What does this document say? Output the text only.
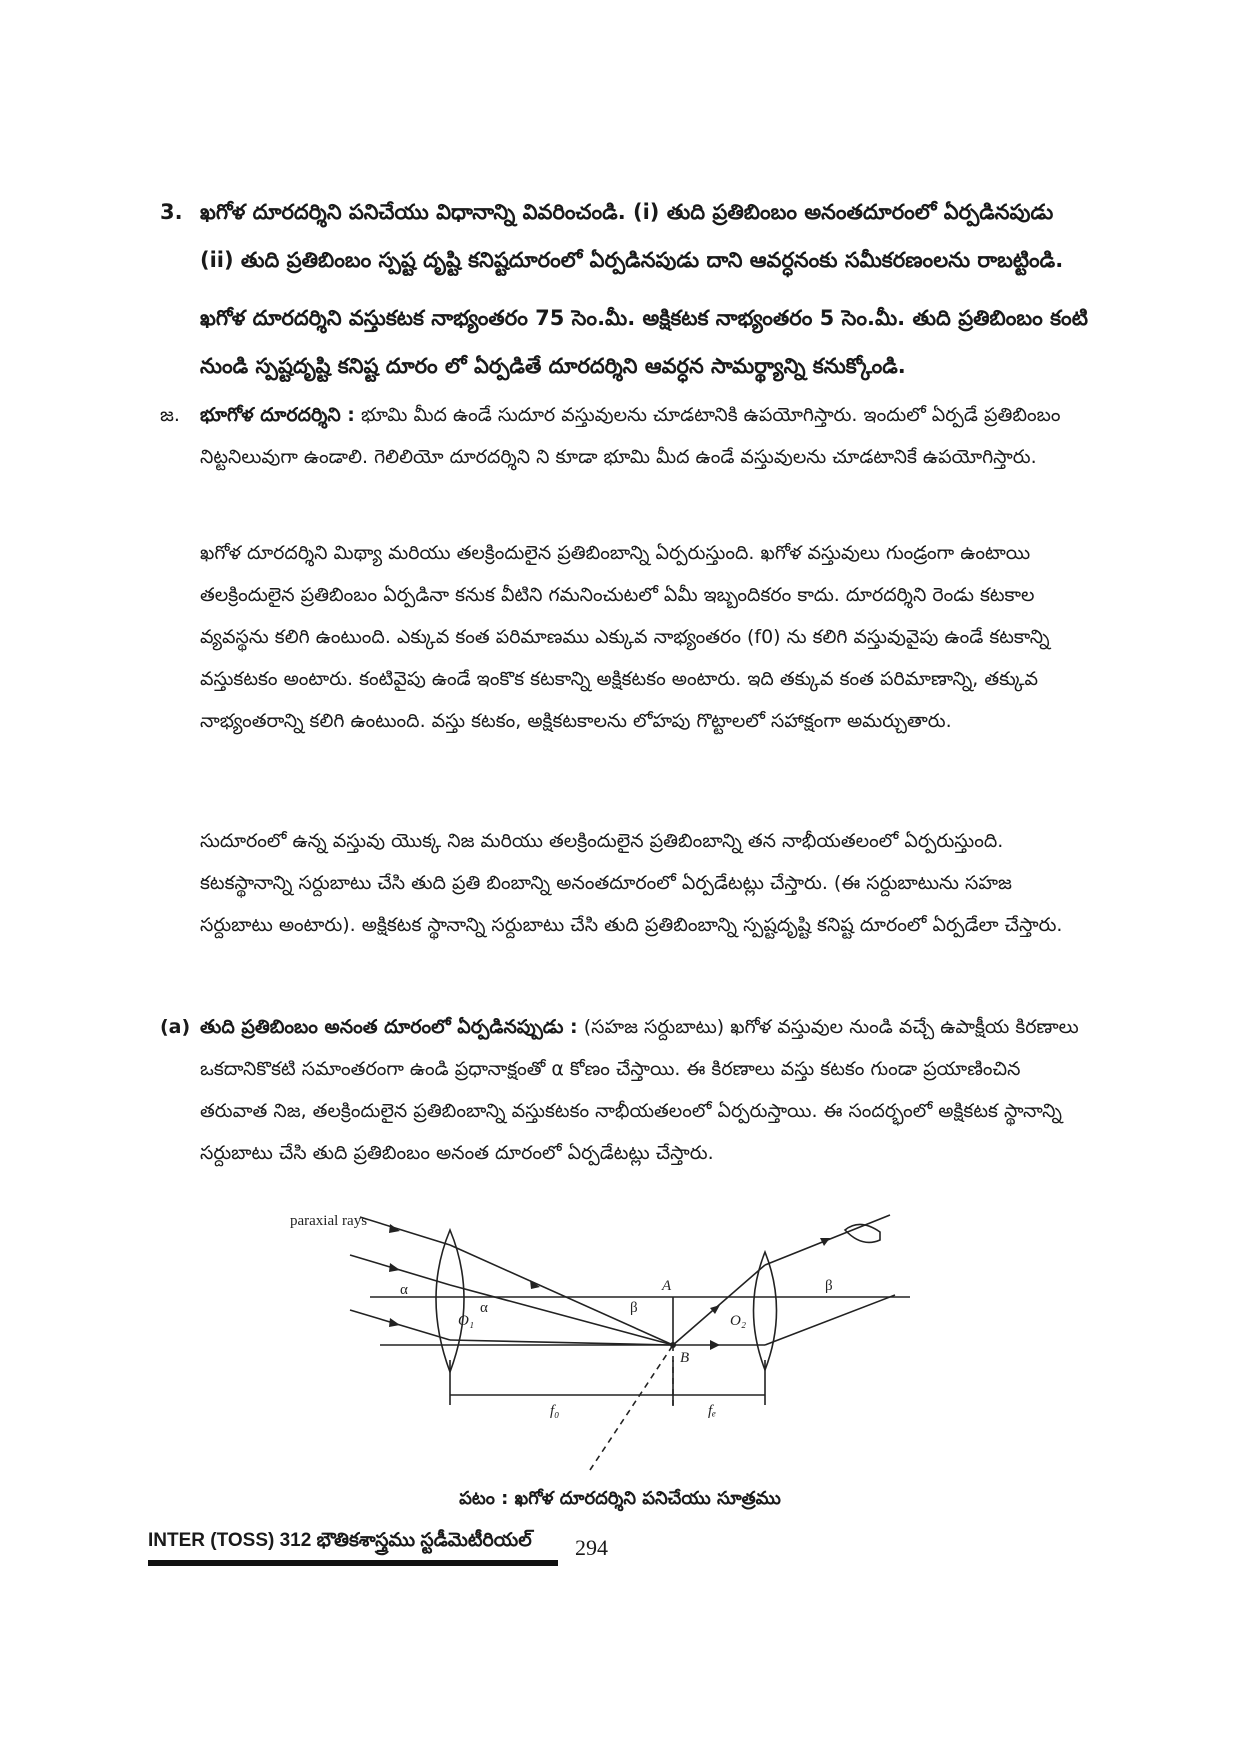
3. ఖగోళ దూరదర్శిని పనిచేయు విధానాన్ని వివరించండి. (i) తుది ప్రతిబింబం అనంతదూరంలో ఏర్పడినపుడు
(ii) తుది ప్రతిబింబం స్పష్ట దృష్టి కనిష్టదూరంలో ఏర్పడినపుడు దాని ఆవర్ధనంకు సమీకరణంలను రాబట్టిండి.
ఖగోళ దూరదర్శిని వస్తుకటక నాభ్యంతరం 75 సెం.మీ. అక్షికటక నాభ్యంతరం 5 సెం.మీ. తుది ప్రతిబింబం కంటి నుండి స్పష్టదృష్టి కనిష్ట దూరం లో ఏర్పడితే దూరదర్శిని ఆవర్ధన సామర్థ్యాన్ని కనుక్కోండి.
జ. భూగోళ దూరదర్శిని : భూమి మీద ఉండే సుదూర వస్తువులను చూడటానికి ఉపయోగిస్తారు. ఇందులో ఏర్పడే ప్రతిబింబం నిట్టనిలువుగా ఉండాలి. గెలిలియో దూరదర్శిని ని కూడా భూమి మీద ఉండే వస్తువులను చూడటానికే ఉపయోగిస్తారు.
ఖగోళ దూరదర్శిని మిథ్యా మరియు తలక్రిందులైన ప్రతిబింబాన్ని ఏర్పరుస్తుంది. ఖగోళ వస్తువులు గుండ్రంగా ఉంటాయి తలక్రిందులైన ప్రతిబింబం ఏర్పడినా కనుక వీటిని గమనించుటలో ఏమీ ఇబ్బందికరం కాదు. దూరదర్శిని రెండు కటకాల వ్యవస్థను కలిగి ఉంటుంది. ఎక్కువ కంత పరిమాణము ఎక్కువ నాభ్యంతరం (f0) ను కలిగి వస్తువువైపు ఉండే కటకాన్ని వస్తుకటకం అంటారు. కంటివైపు ఉండే ఇంకొక కటకాన్ని అక్షికటకం అంటారు. ఇది తక్కువ కంత పరిమాణాన్ని, తక్కువ నాభ్యంతరాన్ని కలిగి ఉంటుంది. వస్తు కటకం, అక్షికటకాలను లోహపు గొట్టాలలో సహాక్షంగా అమర్చుతారు.
సుదూరంలో ఉన్న వస్తువు యొక్క నిజ మరియు తలక్రిందులైన ప్రతిబింబాన్ని తన నాభీయతలంలో ఏర్పరుస్తుంది. కటకస్థానాన్ని సర్దుబాటు చేసి తుది ప్రతి బింబాన్ని అనంతదూరంలో ఏర్పడేటట్లు చేస్తారు. (ఈ సర్దుబాటును సహజ సర్దుబాటు అంటారు). అక్షికటక స్థానాన్ని సర్దుబాటు చేసి తుది ప్రతిబింబాన్ని స్పష్టదృష్టి కనిష్ట దూరంలో ఏర్పడేలా చేస్తారు.
(a) తుది ప్రతిబింబం అనంత దూరంలో ఏర్పడినప్పుడు : (సహజ సర్దుబాటు) ఖగోళ వస్తువుల నుండి వచ్చే ఉపాక్షీయ కిరణాలు ఒకదానికొకటి సమాంతరంగా ఉండి ప్రధానాక్షంతో α కోణం చేస్తాయి. ఈ కిరణాలు వస్తు కటకం గుండా ప్రయాణించిన తరువాత నిజ, తలక్రిందులైన ప్రతిబింబాన్ని వస్తుకటకం నాభీయతలంలో ఏర్పరుస్తాయి. ఈ సందర్భంలో అక్షికటక స్థానాన్ని సర్దుబాటు చేసి తుది ప్రతిబింబం అనంత దూరంలో ఏర్పడేటట్లు చేస్తారు.
paraxial rays
α
α	β
β
O₁	O₂
A
B
f₀	fₑ
పటం : ఖగోళ దూరదర్శిని పనిచేయు సూత్రము
INTER (TOSS) 312 భౌతికశాస్త్రము స్టడీమెటీరియల్ 294
